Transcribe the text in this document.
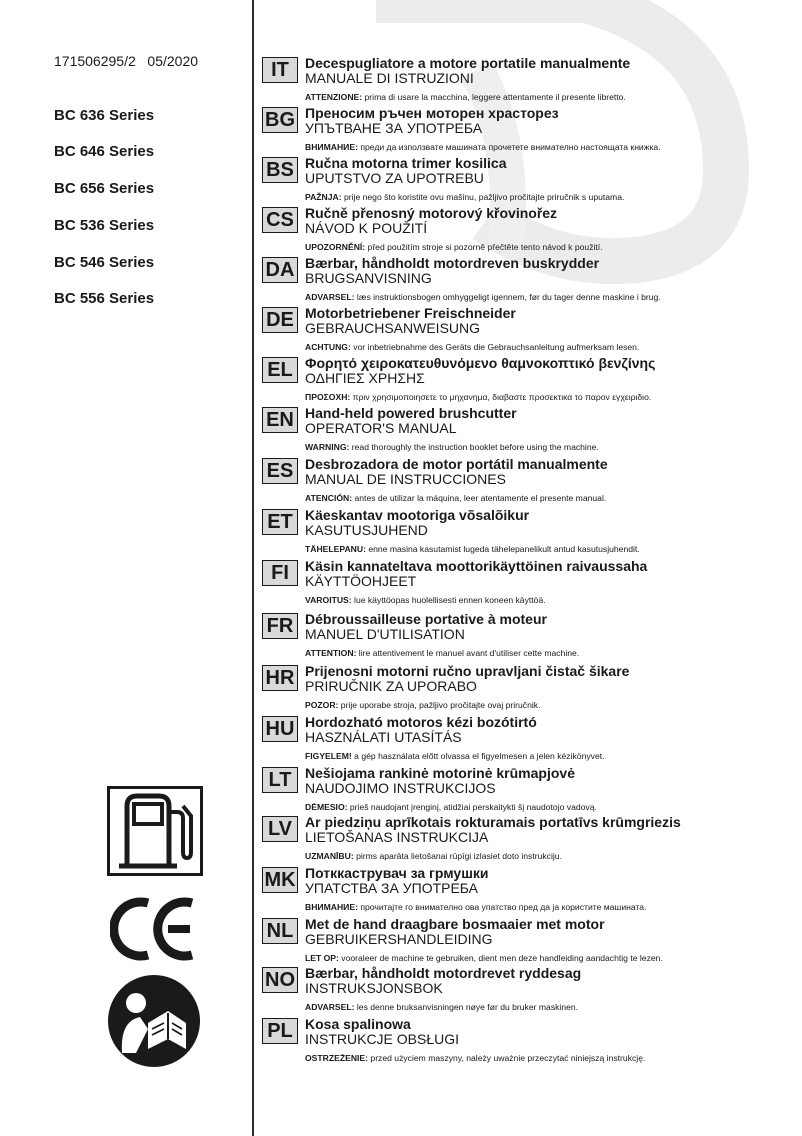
171506295/2   05/2020
BC 636 Series
BC 646 Series
BC 656 Series
BC 536 Series
BC 546 Series
BC 556 Series
IT	Decespugliatore a motore portatile manualmente
MANUALE DI ISTRUZIONI
ATTENZIONE: prima di usare la macchina, leggere attentamente il presente libretto.
BG Преносим ръчен моторен храсторез
УПЪТВАНЕ ЗА УПОТРЕБА
ВНИМАНИЕ: преди да използвате машината прочетете внимателно настоящата книжка.
BS Ručna motorna trimer kosilica
UPUTSTVO ZA UPOTREBU
PAŽNJA: prije nego što koristite ovu mašinu, pažljivo pročitajte priručnik s uputama.
CS Ručně přenosný motorový křovinořez
NÁVOD K POUŽITÍ
UPOZORNĚNÍ: před použitím stroje si pozorně přečtěte tento návod k použití.
DA Bærbar, håndholdt motordreven buskrydder
BRUGSANVISNING
ADVARSEL: læs instruktionsbogen omhyggeligt igennem, før du tager denne maskine i brug.
DE Motorbetriebener Freischneider
GEBRAUCHSANWEISUNG
ACHTUNG: vor inbetriebnahme des Geräts die Gebrauchsanleitung aufmerksam lesen.
EL Φορητό χειροκατευθυνόμενο θαμνοκοπτικό βενζίνης
ΟΔΗΓΙΕΣ ΧΡΗΣΗΣ
ΠΡΟΣΟΧΗ: πριν χρησιμοποιησετε το μηχανημα, διαβαστε προσεκτικα το παρον εγχειριδιο.
EN Hand-held powered brushcutter
OPERATOR'S MANUAL
WARNING: read thoroughly the instruction booklet before using the machine.
ES Desbrozadora de motor portátil manualmente
MANUAL DE INSTRUCCIONES
ATENCIÓN: antes de utilizar la máquina, leer atentamente el presente manual.
ET Käeskantav mootoriga võsalõikur
KASUTUSJUHEND
TÄHELEPANU: enne masina kasutamist lugeda tähelepanelikult antud kasutusjuhendit.
FI	Käsin kannateltava moottorikäyttöinen raivaussaha
KÄYTTÖOHJEET
VAROITUS: lue käyttöopas huolellisesti ennen koneen käyttöä.
FR Débroussailleuse portative à moteur
MANUEL D'UTILISATION
ATTENTION: lire attentivement le manuel avant d'utiliser cette machine.
HR Prijenosni motorni ručno upravljani čistač šikare
PRIRUČNIK ZA UPORABO
POZOR: prije uporabe stroja, pažljivo pročitajte ovaj priručnik.
HU Hordozható motoros kézi bozótirtó
HASZNÁLATI UTASÍTÁS
FIGYELEM! a gép használata előtt olvassa el figyelmesen a jelen kézikönyvet.
LT Nešiojama rankinė motorinė krūmapjovė
NAUDOJIMO INSTRUKCIJOS
DĖMESIO: prieš naudojant įrenginį, atidžiai perskaitykti šį naudotojo vadovą.
LV Ar piedziņu aprīkotais rokturamais portatīvs krūmgriezis
LIETOŠANAS INSTRUKCIJA
UZMANĪBU: pirms aparāta lietošanai rūpīgi izlasiet doto instrukciju.
MK Потккаструвач за грмушки
УПАТСТВА ЗА УПОТРЕБА
ВНИМАНИЕ: прочитајте го внимателно ова упатство пред да ја користите машината.
NL Met de hand draagbare bosmaaier met motor
GEBRUIKERSHANDLEIDING
LET OP: vooraleer de machine te gebruiken, dient men deze handleiding aandachtig te lezen.
NO Bærbar, håndholdt motordrevet ryddesag
INSTRUKSJONSBOK
ADVARSEL: les denne bruksanvisningen nøye før du bruker maskinen.
PL Kosa spalinowa
INSTRUKCJE OBSŁUGI
OSTRZEŻENIE: przed użyciem maszyny, należy uważnie przeczytać niniejszą instrukcję.
